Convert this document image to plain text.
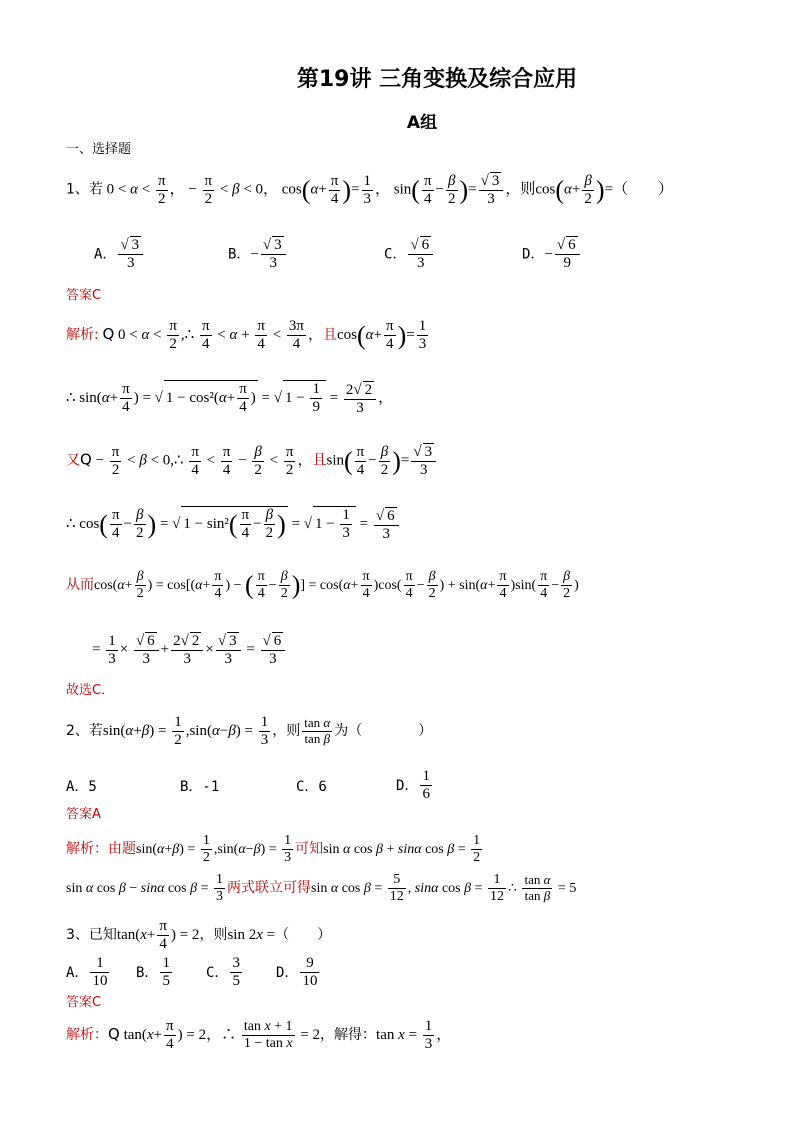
第19讲 三角变换及综合应用
A组
一、选择题
1、若 $0 < \alpha < \frac{\pi}{2}$ ， − $\frac{\pi}{2} < \beta < 0$， $\cos(\alpha+ \frac{\pi}{4}$ )= $\frac{1}{3}$ ， $\sin( \frac{\pi}{4} - \frac{\beta}{2}$ )= $\frac{√ 3}{3}$ ，则$\cos(\alpha+ \frac{\beta}{2}$ )=（　　）
A． $\frac{√ 3}{3}$	B．− $\frac{√ 3}{3}$	C． $\frac{√ 6}{3}$	D．− $\frac{√ 6}{9}$
答案C
解析: Q $0 < \alpha < \frac{\pi}{2}$ ,∴ $\frac{\pi}{4} < \alpha + \frac{\pi}{4} < \frac{3\pi}{4}$ ，且$\cos(\alpha+ \frac{\pi}{4}$ )= $\frac{1}{3}$
∴ $\sin(\alpha+ \frac{\pi}{4}$ ) = √ $1 - \cos^2(\alpha+ \frac{\pi}{4}$ ) = √ $1 - \frac{1}{9} = \frac{2√ 2}{3}$ ，
又$Q - \frac{\pi}{2} < \beta$ < 0,∴ $\frac{\pi}{4} < \frac{\pi}{4} - \frac{\beta}{2} < \frac{\pi}{2}$ ，且$\sin( \frac{\pi}{4} - \frac{\beta}{2}$ )= $\frac{√ 3}{3}$
∴ $\cos( \frac{\pi}{4} - \frac{\beta}{2}$ ) = √ $1 - \sin^2( \frac{\pi}{4} - \frac{\beta}{2}$ ) = √ $1 - \frac{1}{3} = \frac{√ 6}{3}$
从而$\cos(\alpha+ \frac{\beta}{2}$ ) = $\cos[(\alpha+ \frac{\pi}{4}$ ) − ( $\frac{\pi}{4} - \frac{\beta}{2}$ )] = $\cos(\alpha+ \frac{\pi}{4} )\cos( \frac{\pi}{4} - \frac{\beta}{2}$ ) + $\sin(\alpha+ \frac{\pi}{4} )\sin( \frac{\pi}{4} - \frac{\beta}{2}$ )
= $\frac{1}{3} \times \frac{√ 6}{3} + \frac{2√ 2}{3} \times \frac{√ 3}{3} = \frac{√ 6}{3}$
故选C．
2、若$\sin(\alpha+\beta) = \frac{1}{2} ,\sin(\alpha-\beta) = \frac{1}{3}$ ，则 $\frac{\text{tan α}}{\text{tan β}}$ 为（　　　　）
A．5	B．-1	C．6	D． $\frac{1}{6}$
答案A
解析：由题$\sin(\alpha+\beta) = \frac{1}{2} ,\sin(\alpha-\beta) = \frac{1}{3}$ 可知sin α cos β + sinα $\cos \beta = \frac{1}{2}$
sin α cos β − sinα $\cos \beta = \frac{1}{3}$ 两式联立可得sin α $\cos \beta = \frac{5}{12}$ , sinα $\cos \beta = \frac{1}{12}$ ∴ $\frac{\text{tan α}}{\text{tan β}} = 5$
3、已知$\tan(x+ \frac{\pi}{4}$ ) = 2，则sin 2x =（　　）
A． $\frac{1}{10}$ B． $\frac{1}{5}$ C． $\frac{3}{5}$ D． $\frac{9}{10}$
答案C
解析：Q $\tan(x+ \frac{\pi}{4}$ ) = 2，∴ $\frac{\text{tan x + 1}}{\text{1 − tan x}} = 2$，解得：$\tan x = \frac{1}{3}$ ，
